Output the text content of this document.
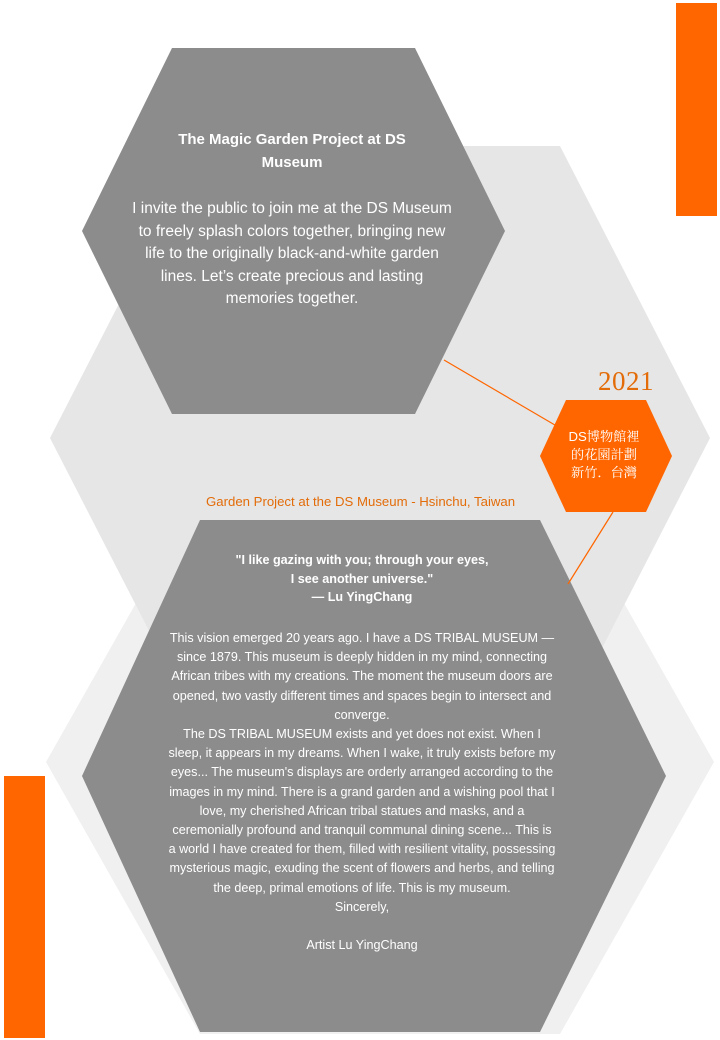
The Magic Garden Project at DS Museum
I invite the public to join me at the DS Museum to freely splash colors together, bringing new life to the originally black-and-white garden lines. Let’s create precious and lasting memories together.
2021
DS博物館裡
的花園計劃
新竹．台灣
Garden Project at the DS Museum - Hsinchu, Taiwan
"I like gazing with you; through your eyes,
I see another universe."
— Lu YingChang
This vision emerged 20 years ago. I have a DS TRIBAL MUSEUM — since 1879. This museum is deeply hidden in my mind, connecting African tribes with my creations. The moment the museum doors are opened, two vastly different times and spaces begin to intersect and converge.
The DS TRIBAL MUSEUM exists and yet does not exist. When I sleep, it appears in my dreams. When I wake, it truly exists before my eyes... The museum's displays are orderly arranged according to the images in my mind. There is a grand garden and a wishing pool that I love, my cherished African tribal statues and masks, and a ceremonially profound and tranquil communal dining scene... This is a world I have created for them, filled with resilient vitality, possessing mysterious magic, exuding the scent of flowers and herbs, and telling the deep, primal emotions of life. This is my museum.
Sincerely,
Artist Lu YingChang
